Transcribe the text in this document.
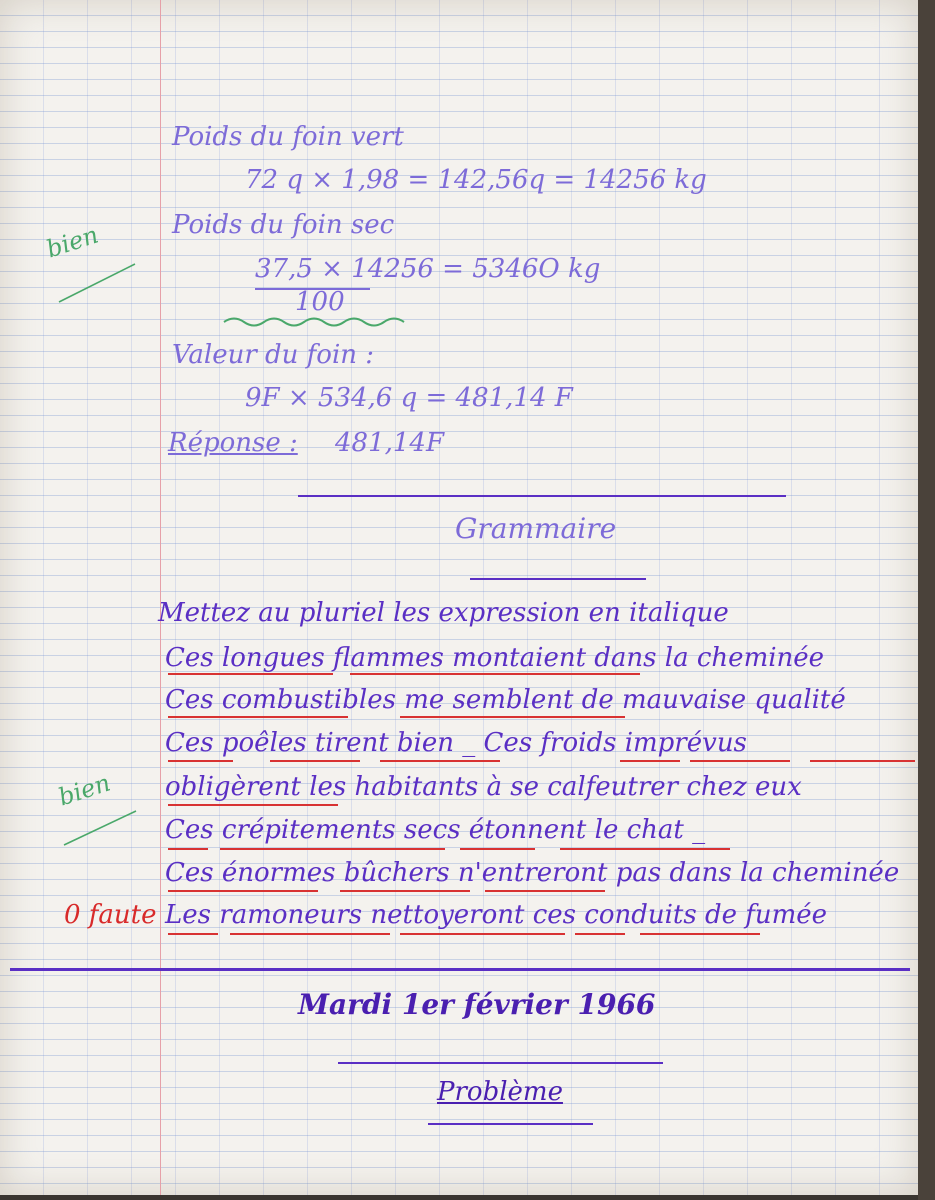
Poids du foin vert
72 q × 1,98 = 142,56q = 14256 kg
Poids du foin sec
37,5 × 14256 = 5346O kg
100
Valeur du foin :
9F × 534,6 q = 481,14 F
Réponse : 481,14F
bien
Grammaire
Mettez au pluriel les expression en italique
Ces longues flammes montaient dans la cheminée
Ces combustibles me semblent de mauvaise qualité
Ces poêles tirent bien _ Ces froids imprévus
obligèrent les habitants à se calfeutrer chez eux
Ces crépitements secs étonnent le chat _
Ces énormes bûchers n'entreront pas dans la cheminée
Les ramoneurs nettoyeront ces conduits de fumée
bien
0 faute
Mardi 1er février 1966
Problème
